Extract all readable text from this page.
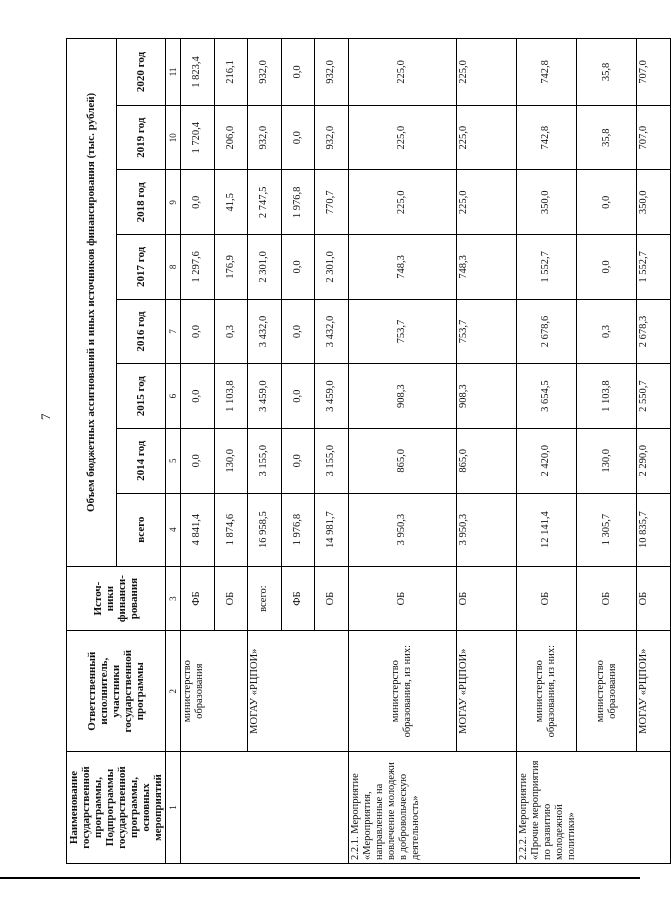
7
Наименование государственной программы, Подпрограммы государственной программы, основных мероприятий	Ответственный исполнитель, участники государственной программы	Источ-ники финанси-рования	Объем бюджетных ассигнований и иных источников финансирования (тыс. рублей)							
			всего	2014 год	2015 год	2016 год	2017 год	2018 год	2019 год	2020 год
1	2	3	4	5	6	7	8	9	10	11
	министерство образования	ФБ	4 841,4	0,0	0,0	0,0	1 297,6	0,0	1 720,4	1 823,4
		ОБ	1 874,6	130,0	1 103,8	0,3	176,9	41,5	206,0	216,1
	МОГАУ «РЦПОИ»	всего:	16 958,5	3 155,0	3 459,0	3 432,0	2 301,0	2 747,5	932,0	932,0
		ФБ	1 976,8	0,0	0,0	0,0	0,0	1 976,8	0,0	0,0
		ОБ	14 981,7	3 155,0	3 459,0	3 432,0	2 301,0	770,7	932,0	932,0
2.2.1. Мероприятие «Мероприятия, направленные на вовлечение молодежи в добровольческую деятельность»	министерство образования, из них:	ОБ	3 950,3	865,0	908,3	753,7	748,3	225,0	225,0	225,0
	МОГАУ «РЦПОИ»	ОБ	3 950,3	865,0	908,3	753,7	748,3	225,0	225,0	225,0
2.2.2. Мероприятие «Прочие мероприятия по развитию молодежной политики»	министерство образования, из них:	ОБ	12 141,4	2 420,0	3 654,5	2 678,6	1 552,7	350,0	742,8	742,8
	министерство образования	ОБ	1 305,7	130,0	1 103,8	0,3	0,0	0,0	35,8	35,8
	МОГАУ «РЦПОИ»	ОБ	10 835,7	2 290,0	2 550,7	2 678,3	1 552,7	350,0	707,0	707,0
